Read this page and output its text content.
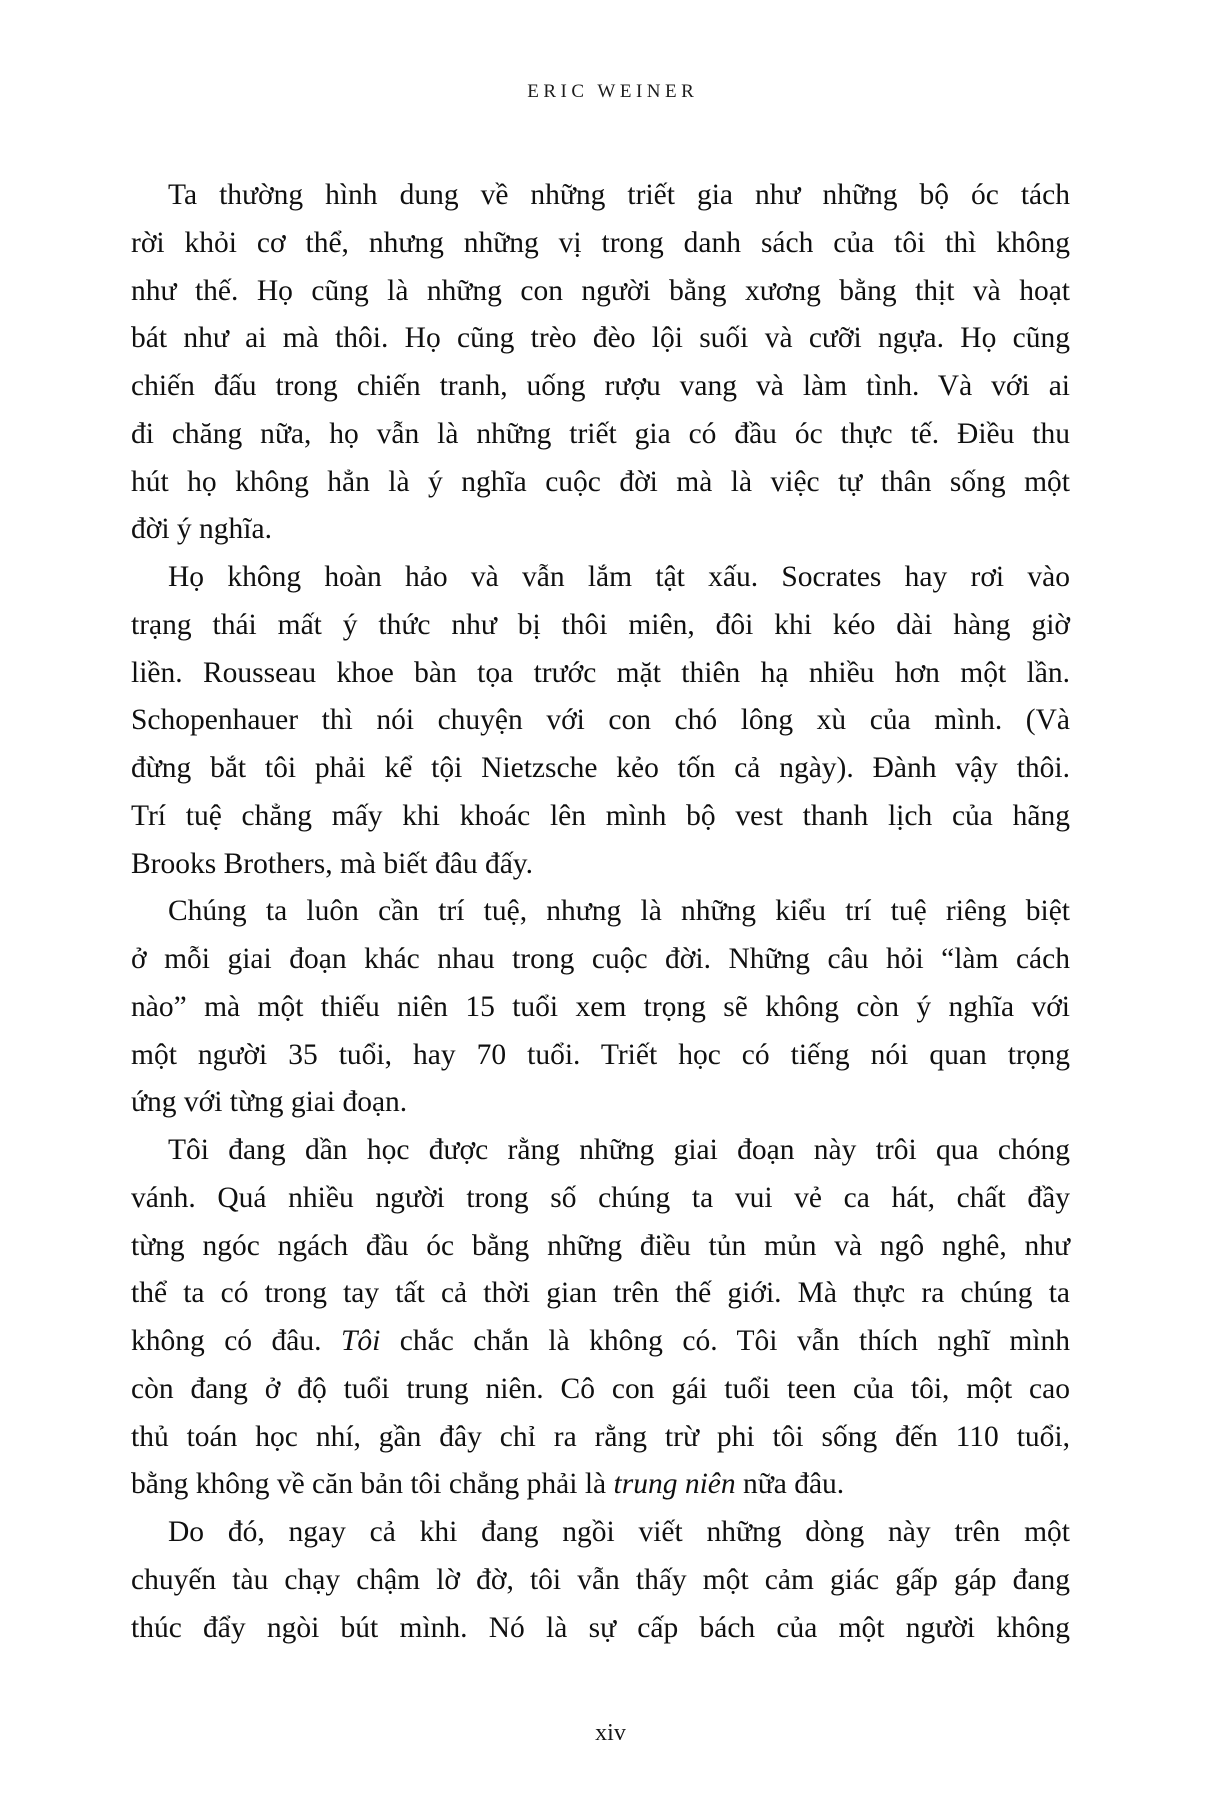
ERIC WEINER
Ta thường hình dung về những triết gia như những bộ óc tách
rời khỏi cơ thể, nhưng những vị trong danh sách của tôi thì không
như thế. Họ cũng là những con người bằng xương bằng thịt và hoạt
bát như ai mà thôi. Họ cũng trèo đèo lội suối và cưỡi ngựa. Họ cũng
chiến đấu trong chiến tranh, uống rượu vang và làm tình. Và với ai
đi chăng nữa, họ vẫn là những triết gia có đầu óc thực tế. Điều thu
hút họ không hẳn là ý nghĩa cuộc đời mà là việc tự thân sống một
đời ý nghĩa.
Họ không hoàn hảo và vẫn lắm tật xấu. Socrates hay rơi vào
trạng thái mất ý thức như bị thôi miên, đôi khi kéo dài hàng giờ
liền. Rousseau khoe bàn tọa trước mặt thiên hạ nhiều hơn một lần.
Schopenhauer thì nói chuyện với con chó lông xù của mình. (Và
đừng bắt tôi phải kể tội Nietzsche kẻo tốn cả ngày). Đành vậy thôi.
Trí tuệ chẳng mấy khi khoác lên mình bộ vest thanh lịch của hãng
Brooks Brothers, mà biết đâu đấy.
Chúng ta luôn cần trí tuệ, nhưng là những kiểu trí tuệ riêng biệt
ở mỗi giai đoạn khác nhau trong cuộc đời. Những câu hỏi “làm cách
nào” mà một thiếu niên 15 tuổi xem trọng sẽ không còn ý nghĩa với
một người 35 tuổi, hay 70 tuổi. Triết học có tiếng nói quan trọng
ứng với từng giai đoạn.
Tôi đang dần học được rằng những giai đoạn này trôi qua chóng
vánh. Quá nhiều người trong số chúng ta vui vẻ ca hát, chất đầy
từng ngóc ngách đầu óc bằng những điều tủn mủn và ngô nghê, như
thể ta có trong tay tất cả thời gian trên thế giới. Mà thực ra chúng ta
không có đâu. Tôi chắc chắn là không có. Tôi vẫn thích nghĩ mình
còn đang ở độ tuổi trung niên. Cô con gái tuổi teen của tôi, một cao
thủ toán học nhí, gần đây chỉ ra rằng trừ phi tôi sống đến 110 tuổi,
bằng không về căn bản tôi chẳng phải là trung niên nữa đâu.
Do đó, ngay cả khi đang ngồi viết những dòng này trên một
chuyến tàu chạy chậm lờ đờ, tôi vẫn thấy một cảm giác gấp gáp đang
thúc đẩy ngòi bút mình. Nó là sự cấp bách của một người không
xiv
